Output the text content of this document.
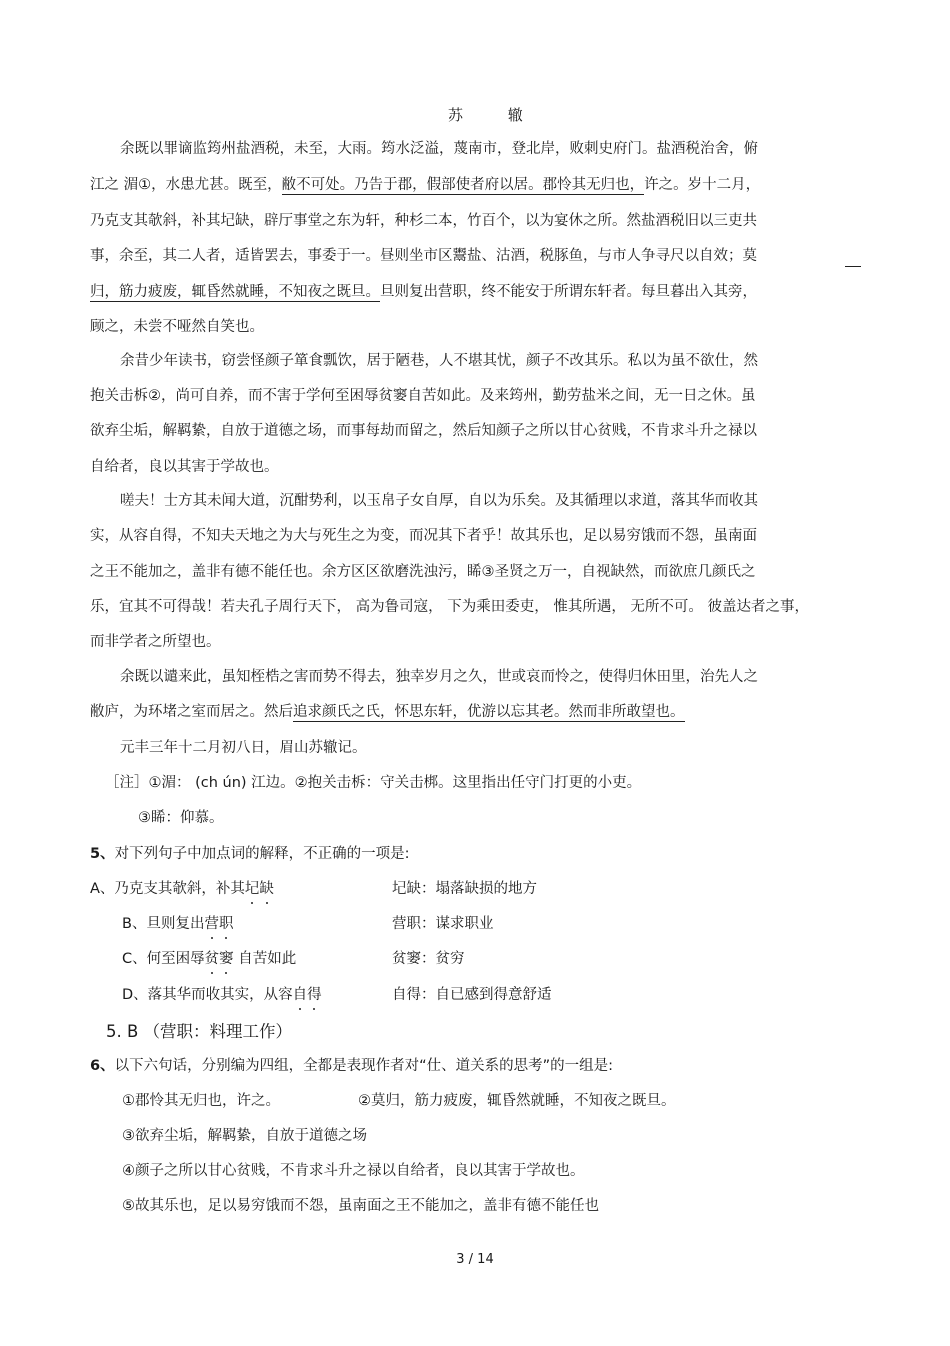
苏 辙
余既以罪谪监筠州盐酒税，未至，大雨。筠水泛溢，蔑南市，登北岸，败刺史府门。盐酒税治舍，俯
江之 湄①，水患尤甚。既至，敝不可处。乃告于郡，假部使者府以居。郡怜其无归也，许之。岁十二月，
乃克支其欹斜，补其圮缺，辟厅事堂之东为轩，种杉二本，竹百个，以为宴休之所。然盐酒税旧以三吏共
事，余至，其二人者，适皆罢去，事委于一。昼则坐市区鬻盐、沽酒，税豚鱼，与市人争寻尺以自效；莫
归，筋力疲废，辄昏然就睡，不知夜之既旦。旦则复出营职，终不能安于所谓东轩者。每旦暮出入其旁，
顾之，未尝不哑然自笑也。
余昔少年读书，窃尝怪颜子箪食瓢饮，居于陋巷，人不堪其忧，颜子不改其乐。私以为虽不欲仕，然
抱关击柝②，尚可自养，而不害于学何至困辱贫窭自苦如此。及来筠州，勤劳盐米之间，无一日之休。虽
欲弃尘垢，解羁絷，自放于道德之场，而事每劫而留之，然后知颜子之所以甘心贫贱，不肯求斗升之禄以
自给者，良以其害于学故也。
嗟夫！士方其未闻大道，沉酣势利，以玉帛子女自厚，自以为乐矣。及其循理以求道，落其华而收其
实，从容自得，不知夫天地之为大与死生之为变，而况其下者乎！故其乐也，足以易穷饿而不怨，虽南面
之王不能加之，盖非有德不能任也。余方区区欲磨洗浊污，睎③圣贤之万一，自视缺然，而欲庶几颜氏之
乐，宜其不可得哉！若夫孔子周行天下， 高为鲁司寇， 下为乘田委吏， 惟其所遇， 无所不可。 彼盖达者之事，
而非学者之所望也。
余既以谴来此，虽知桎梏之害而势不得去，独幸岁月之久，世或哀而怜之，使得归休田里，治先人之
敝庐，为环堵之室而居之。然后追求颜氏之氏，怀思东轩，优游以忘其老。然而非所敢望也。
元丰三年十二月初八日，眉山苏辙记。
［注］①湄： (ch ún) 江边。②抱关击柝：守关击梆。这里指出任守门打更的小吏。
③睎：仰慕。
5、对下列句子中加点词的解释，不正确的一项是:
A、乃克支其欹斜，补其圮缺	圮缺：塌落缺损的地方
B、旦则复出营职	营职：谋求职业
C、何至困辱贫窭 自苦如此	贫窭：贫穷
D、落其华而收其实，从容自得	自得：自已感到得意舒适
5. B （营职：料理工作）
6、以下六句话，分别编为四组，全都是表现作者对“仕、道关系的思考”的一组是:
①郡怜其无归也，许之。	②莫归，筋力疲废，辄昏然就睡，不知夜之既旦。
③欲弃尘垢，解羁絷，自放于道德之场
④颜子之所以甘心贫贱，不肯求斗升之禄以自给者，良以其害于学故也。
⑤故其乐也，足以易穷饿而不怨，虽南面之王不能加之，盖非有德不能任也
3 / 14
